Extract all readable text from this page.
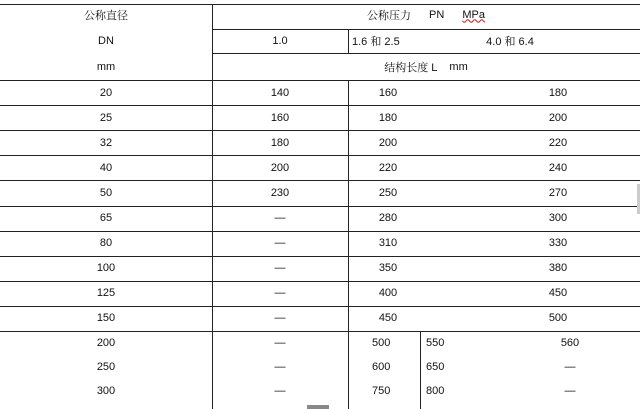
公称直径
DN
mm
公称压力 PN MPa
1.0	1.6 和 2.5	4.0 和 6.4
结构长度 L mm
20	140	160	180
25	160	180	200
32	180	200	220
40	200	220	240
50	230	250	270
65	—	280	300
80	—	310	330
100	—	350	380
125	—	400	450
150	—	450	500
200	—	500	550	560
250	—	600	650	—
300	—	750	800	—
